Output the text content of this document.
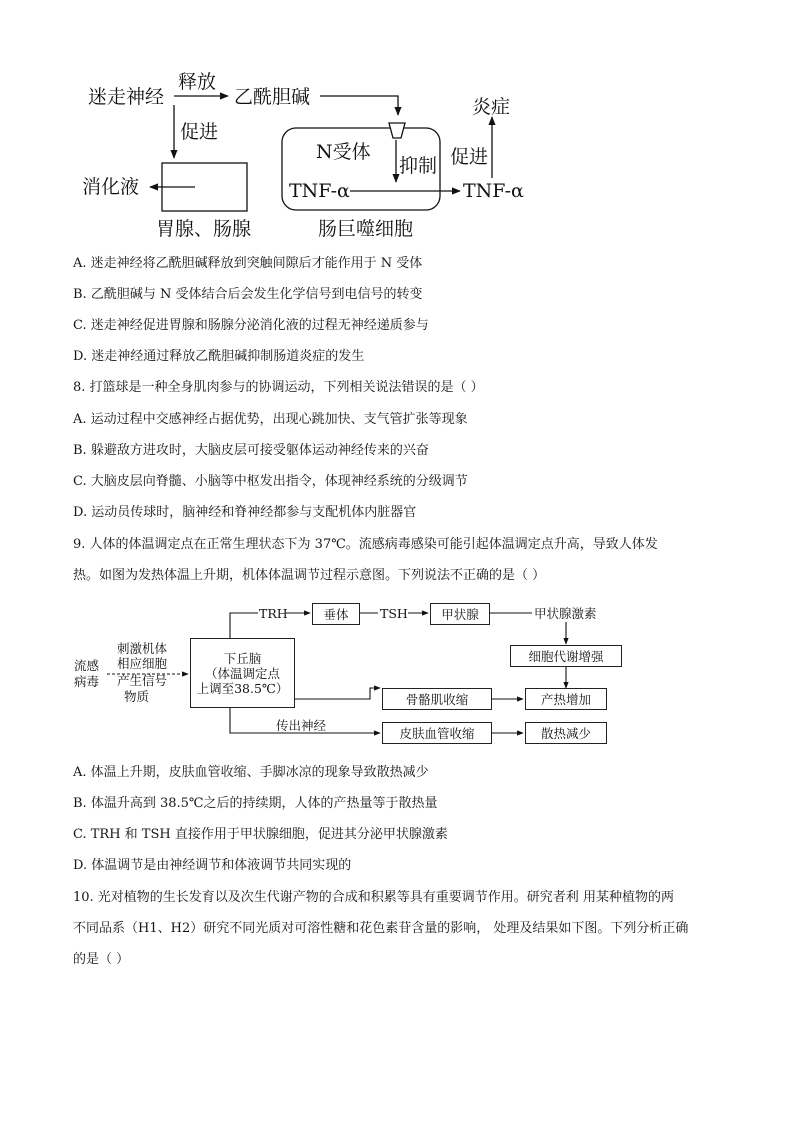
迷走神经
释放
乙酰胆碱
促进
炎症
N受体
抑制 促进
消化液	TNF-α	TNF-α
胃腺、肠腺	肠巨噬细胞
A. 迷走神经将乙酰胆碱释放到突触间隙后才能作用于 N 受体
B. 乙酰胆碱与 N 受体结合后会发生化学信号到电信号的转变
C. 迷走神经促进胃腺和肠腺分泌消化液的过程无神经递质参与
D. 迷走神经通过释放乙酰胆碱抑制肠道炎症的发生
8. 打篮球是一种全身肌肉参与的协调运动，下列相关说法错误的是（ ）
A. 运动过程中交感神经占据优势，出现心跳加快、支气管扩张等现象
B. 躲避敌方进攻时，大脑皮层可接受躯体运动神经传来的兴奋
C. 大脑皮层向脊髓、小脑等中枢发出指令，体现神经系统的分级调节
D. 运动员传球时，脑神经和脊神经都参与支配机体内脏器官
9. 人体的体温调定点在正常生理状态下为 37℃。流感病毒感染可能引起体温调定点升高，导致人体发
热。如图为发热体温上升期，机体体温调节过程示意图。下列说法不正确的是（ ）
流感
病毒
刺激机体
相应细胞
产生信号
物质
下丘脑
（体温调定点
上调至38.5℃）
TRH	垂体	TSH	甲状腺	甲状腺激素
细胞代谢增强
骨骼肌收缩	产热增加
传出神经	皮肤血管收缩	散热减少
A. 体温上升期，皮肤血管收缩、手脚冰凉的现象导致散热减少
B. 体温升高到 38.5℃之后的持续期，人体的产热量等于散热量
C. TRH 和 TSH 直接作用于甲状腺细胞，促进其分泌甲状腺激素
D. 体温调节是由神经调节和体液调节共同实现的
10. 光对植物的生长发育以及次生代谢产物的合成和积累等具有重要调节作用。研究者利 用某种植物的两
不同品系（H1、H2）研究不同光质对可溶性糖和花色素苷含量的影响， 处理及结果如下图。下列分析正确
的是（ ）
